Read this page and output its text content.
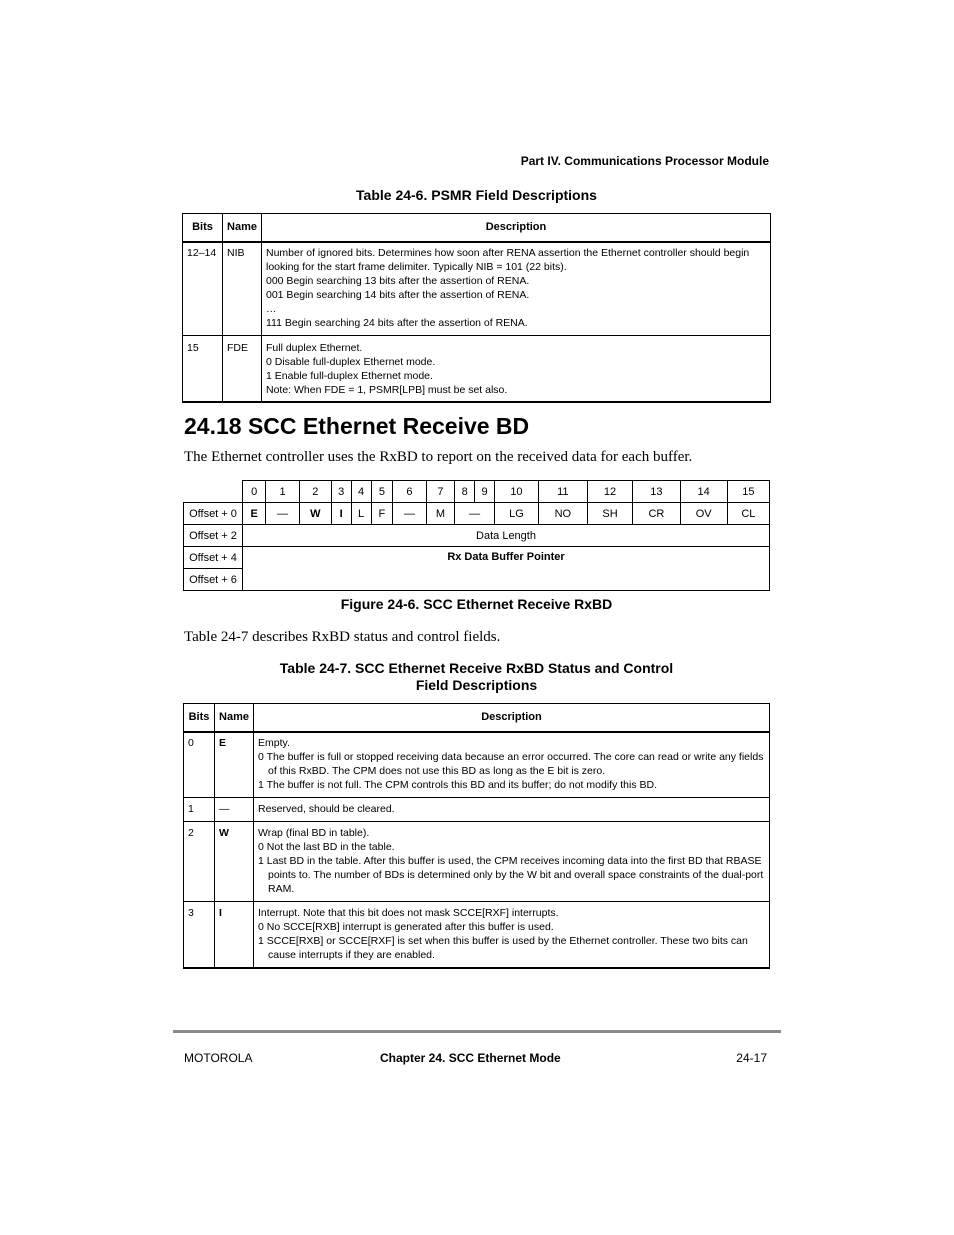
Part IV. Communications Processor Module
Table 24-6. PSMR Field Descriptions
Bits	Name	Description
12–14	NIB	Number of ignored bits. Determines how soon after RENA assertion the Ethernet controller should begin looking for the start frame delimiter. Typically NIB = 101 (22 bits).
000 Begin searching 13 bits after the assertion of RENA.
001 Begin searching 14 bits after the assertion of RENA.
…
111 Begin searching 24 bits after the assertion of RENA.

15	FDE	Full duplex Ethernet.
0 Disable full-duplex Ethernet mode.
1 Enable full-duplex Ethernet mode.
Note: When FDE = 1, PSMR[LPB] must be set also.
24.18 SCC Ethernet Receive BD
The Ethernet controller uses the RxBD to report on the received data for each buffer.
	0	1	2	3	4	5	6	7	8	9	10	11	12	13	14	15
Offset + 0	E	—	W	I	L	F	—	M	—		LG	NO	SH	CR	OV	CL
Offset + 2	Data Length															
Offset + 4	Rx Data Buffer Pointer															
Offset + 6																
Figure 24-6. SCC Ethernet Receive RxBD
Table 24-7 describes RxBD status and control fields.
Table 24-7. SCC Ethernet Receive RxBD Status and Control
Field Descriptions
Bits	Name	Description
0	E	Empty.
0 The buffer is full or stopped receiving data because an error occurred. The core can read or write any fields of this RxBD. The CPM does not use this BD as long as the E bit is zero.
1 The buffer is not full. The CPM controls this BD and its buffer; do not modify this BD.

1	—	Reserved, should be cleared.

2	W	Wrap (final BD in table).
0 Not the last BD in the table.
1 Last BD in the table. After this buffer is used, the CPM receives incoming data into the first BD that RBASE points to. The number of BDs is determined only by the W bit and overall space constraints of the dual-port RAM.

3	I	Interrupt. Note that this bit does not mask SCCE[RXF] interrupts.
0 No SCCE[RXB] interrupt is generated after this buffer is used.
1 SCCE[RXB] or SCCE[RXF] is set when this buffer is used by the Ethernet controller. These two bits can cause interrupts if they are enabled.
MOTOROLA	Chapter 24. SCC Ethernet Mode	24-17
